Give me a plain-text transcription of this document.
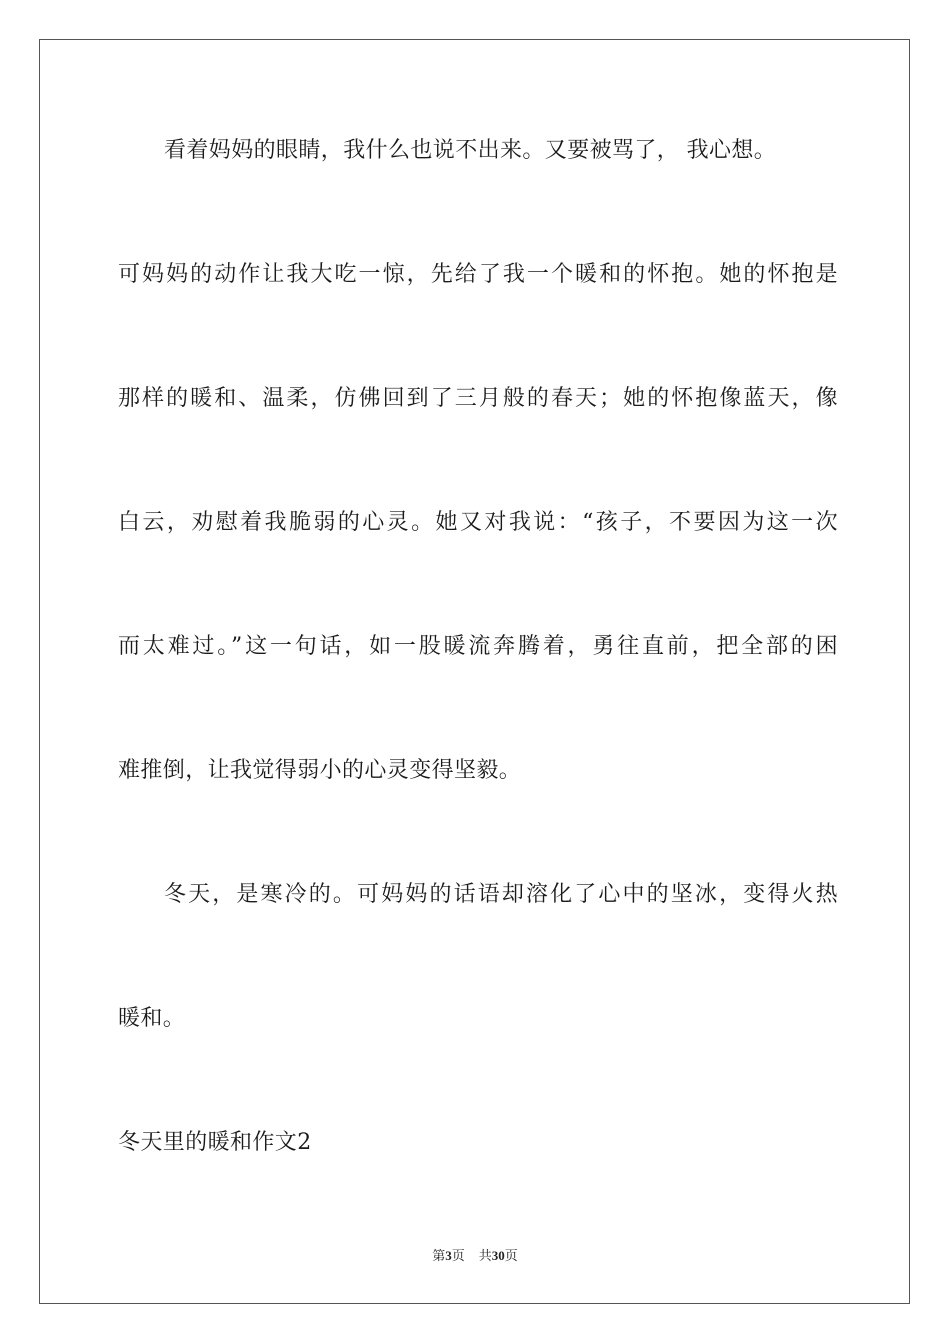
看着妈妈的眼睛，我什么也说不出来。又要被骂了， 我心想。
可妈妈的动作让我大吃一惊，先给了我一个暖和的怀抱。她的怀抱是
那样的暖和、温柔，仿佛回到了三月般的春天；她的怀抱像蓝天，像
白云，劝慰着我脆弱的心灵。她又对我说：“孩子，不要因为这一次
而太难过。”这一句话，如一股暖流奔腾着，勇往直前，把全部的困
难推倒，让我觉得弱小的心灵变得坚毅。
冬天，是寒冷的。可妈妈的话语却溶化了心中的坚冰，变得火热
暖和。
冬天里的暖和作文2
第3页 共30页
